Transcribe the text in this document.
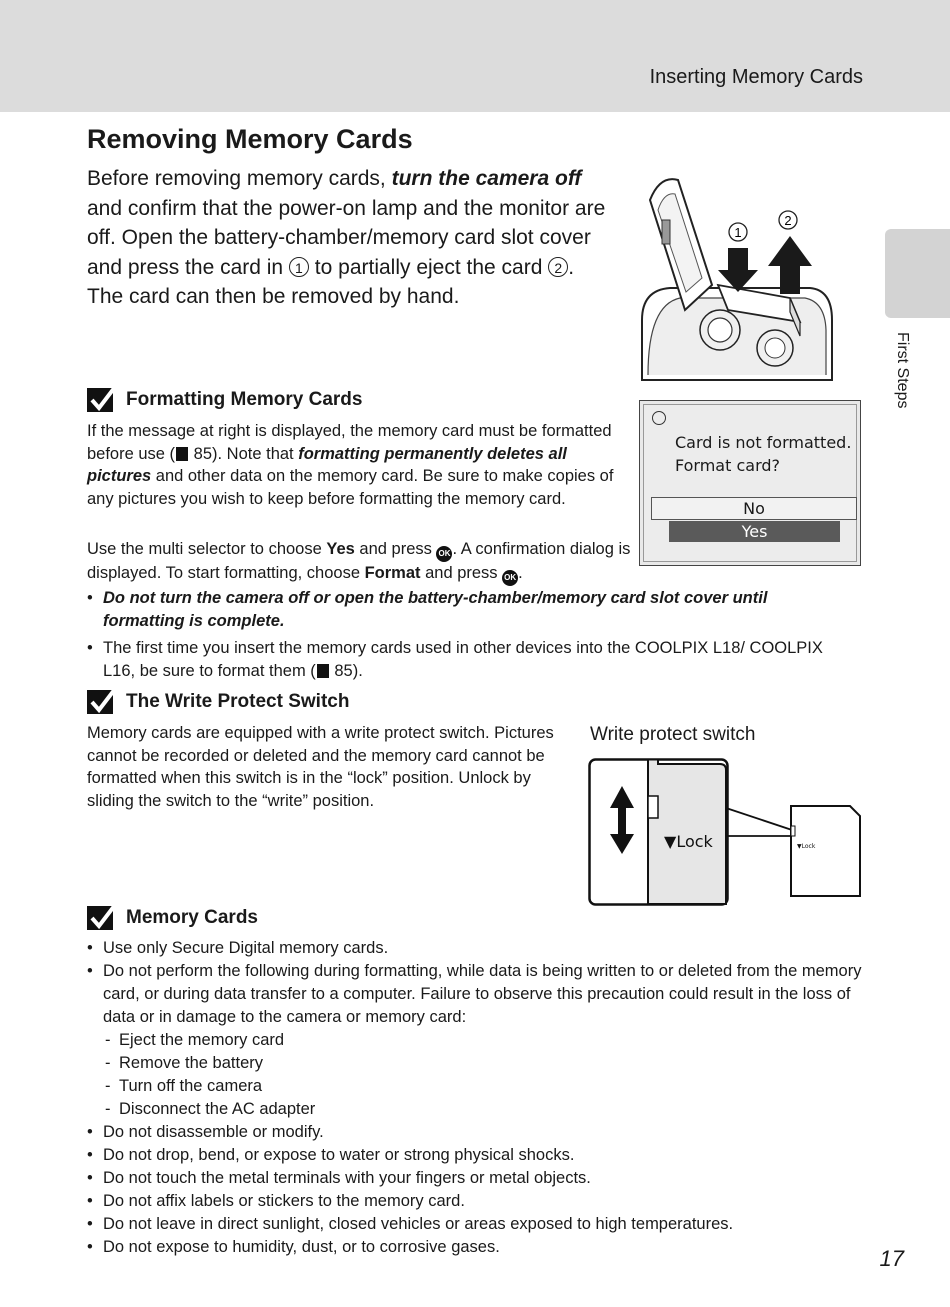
Inserting Memory Cards
First Steps
Removing Memory Cards

Before removing memory cards, turn the camera off and confirm that the power-on lamp and the monitor are off. Open the battery-chamber/memory card slot cover and press the card in 1 to partially eject the card 2 . The card can then be removed by hand.

1
2
Formatting Memory Cards

If the message at right is displayed, the memory card must be formatted before use ( 85). Note that formatting permanently deletes all pictures and other data on the memory card. Be sure to make copies of any pictures you wish to keep before formatting the memory card.

Use the multi selector to choose Yes and press OK . A confirmation dialog is displayed. To start formatting, choose Format and press OK .

• Do not turn the camera off or open the battery-chamber/memory card slot cover until formatting is complete.
• The first time you insert the memory cards used in other devices into the COOLPIX L18/ COOLPIX L16, be sure to format them ( 85).
Card is not formatted.
Format card?
No
Yes
The Write Protect Switch

Memory cards are equipped with a write protect switch. Pictures cannot be recorded or deleted and the memory card cannot be formatted when this switch is in the “lock” position. Unlock by sliding the switch to the “write” position.

Write protect switch
▼Lock	▼Lock
Memory Cards
• Use only Secure Digital memory cards.
• Do not perform the following during formatting, while data is being written to or deleted from the memory card, or during data transfer to a computer. Failure to observe this precaution could result in the loss of data or in damage to the camera or memory card:
- Eject the memory card
- Remove the battery
- Turn off the camera
- Disconnect the AC adapter
• Do not disassemble or modify.
• Do not drop, bend, or expose to water or strong physical shocks.
• Do not touch the metal terminals with your fingers or metal objects.
• Do not affix labels or stickers to the memory card.
• Do not leave in direct sunlight, closed vehicles or areas exposed to high temperatures.
• Do not expose to humidity, dust, or to corrosive gases.	17
